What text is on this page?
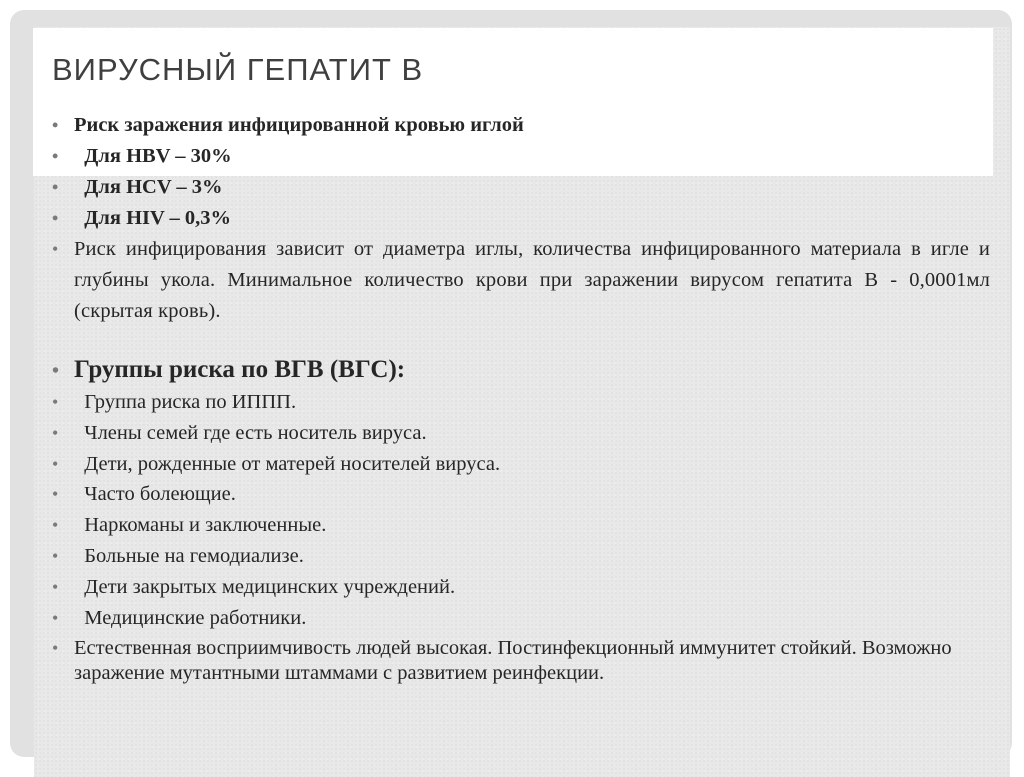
ВИРУСНЫЙ ГЕПАТИТ В
• Риск заражения инфицированной кровью иглой
•   Для HBV – 30%
•   Для HCV – 3%
•   Для HIV – 0,3%
• Риск инфицирования зависит от диаметра иглы, количества инфицированного материала в игле и глубины укола. Минимальное количество крови при заражении вирусом гепатита В - 0,0001мл (скрытая кровь).
• Группы риска по ВГВ (ВГС):
•   Группа риска по ИППП.
•   Члены семей где есть носитель вируса.
•   Дети, рожденные от матерей носителей вируса.
•   Часто болеющие.
•   Наркоманы и заключенные.
•   Больные на гемодиализе.
•   Дети закрытых медицинских учреждений.
•   Медицинские работники.
• Естественная восприимчивость людей высокая. Постинфекционный иммунитет стойкий. Возможно заражение мутантными штаммами с развитием реинфекции.
